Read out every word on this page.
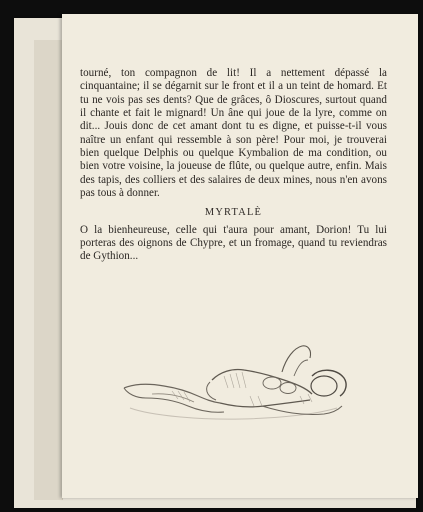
tourné, ton compagnon de lit! Il a nettement dépassé la cinquantaine; il se dégarnit sur le front et il a un teint de homard. Et tu ne vois pas ses dents? Que de grâces, ô Dioscures, surtout quand il chante et fait le mignard! Un âne qui joue de la lyre, comme on dit... Jouis donc de cet amant dont tu es digne, et puisse-t-il vous naître un enfant qui ressemble à son père! Pour moi, je trouverai bien quelque Delphis ou quelque Kymbalion de ma condition, ou bien votre voisine, la joueuse de flûte, ou quelque autre, enfin. Mais des tapis, des colliers et des salaires de deux mines, nous n'en avons pas tous à donner.

MYRTALÈ

O la bienheureuse, celle qui t'aura pour amant, Dorion! Tu lui porteras des oignons de Chypre, et un fromage, quand tu reviendras de Gythion...
